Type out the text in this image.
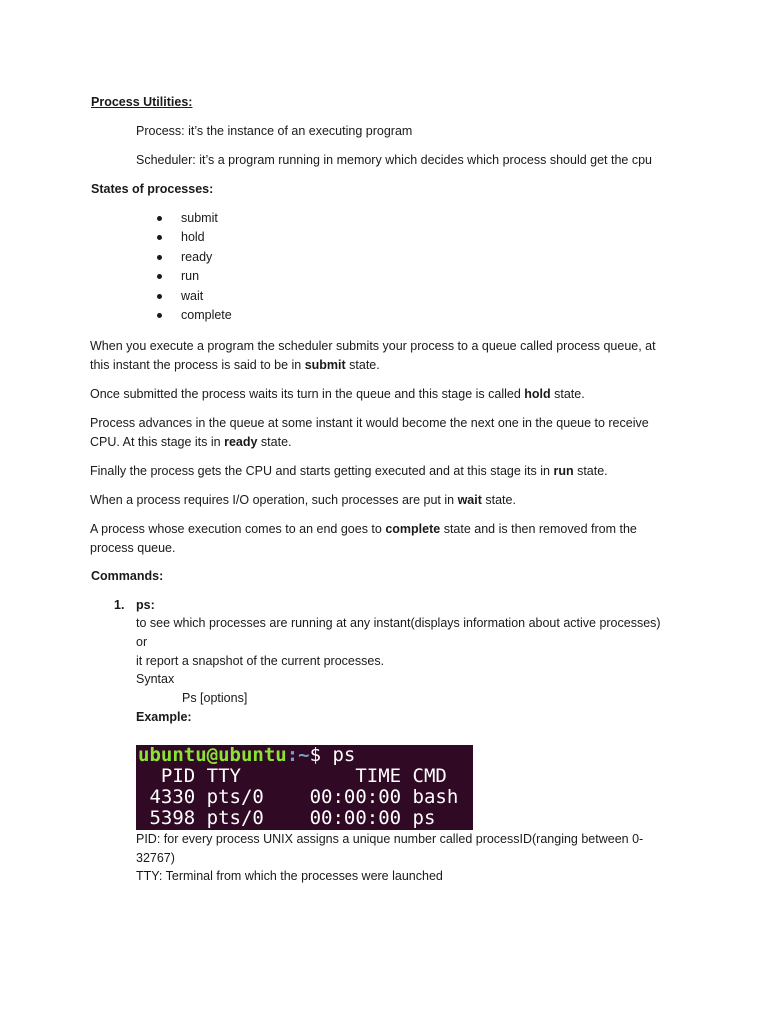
Process Utilities:
Process: it’s the instance of an executing program
Scheduler: it’s a program running in memory which decides which process should get the cpu
States of processes:
submit
hold
ready
run
wait
complete
When you execute a program the scheduler submits your process to a queue called process queue, at
this instant the process is said to be in submit state.
Once submitted the process waits its turn in the queue and this stage is called hold state.
Process advances in the queue at some instant it would become the next one in the queue to receive
CPU. At this stage its in ready state.
Finally the process gets the CPU and starts getting executed and at this stage its in run state.
When a process requires I/O operation, such processes are put in wait state.
A process whose execution comes to an end goes to complete state and is then removed from the
process queue.
Commands:
1. ps:
to see which processes are running at any instant(displays information about active processes)
or
it report a snapshot of the current processes.
Syntax
Ps [options]
Example:
ubuntu@ubuntu:~$ ps
PID TTY          TIME CMD
4330 pts/0    00:00:00 bash
5398 pts/0    00:00:00 ps
PID: for every process UNIX assigns a unique number called processID(ranging between 0-
32767)
TTY: Terminal from which the processes were launched
